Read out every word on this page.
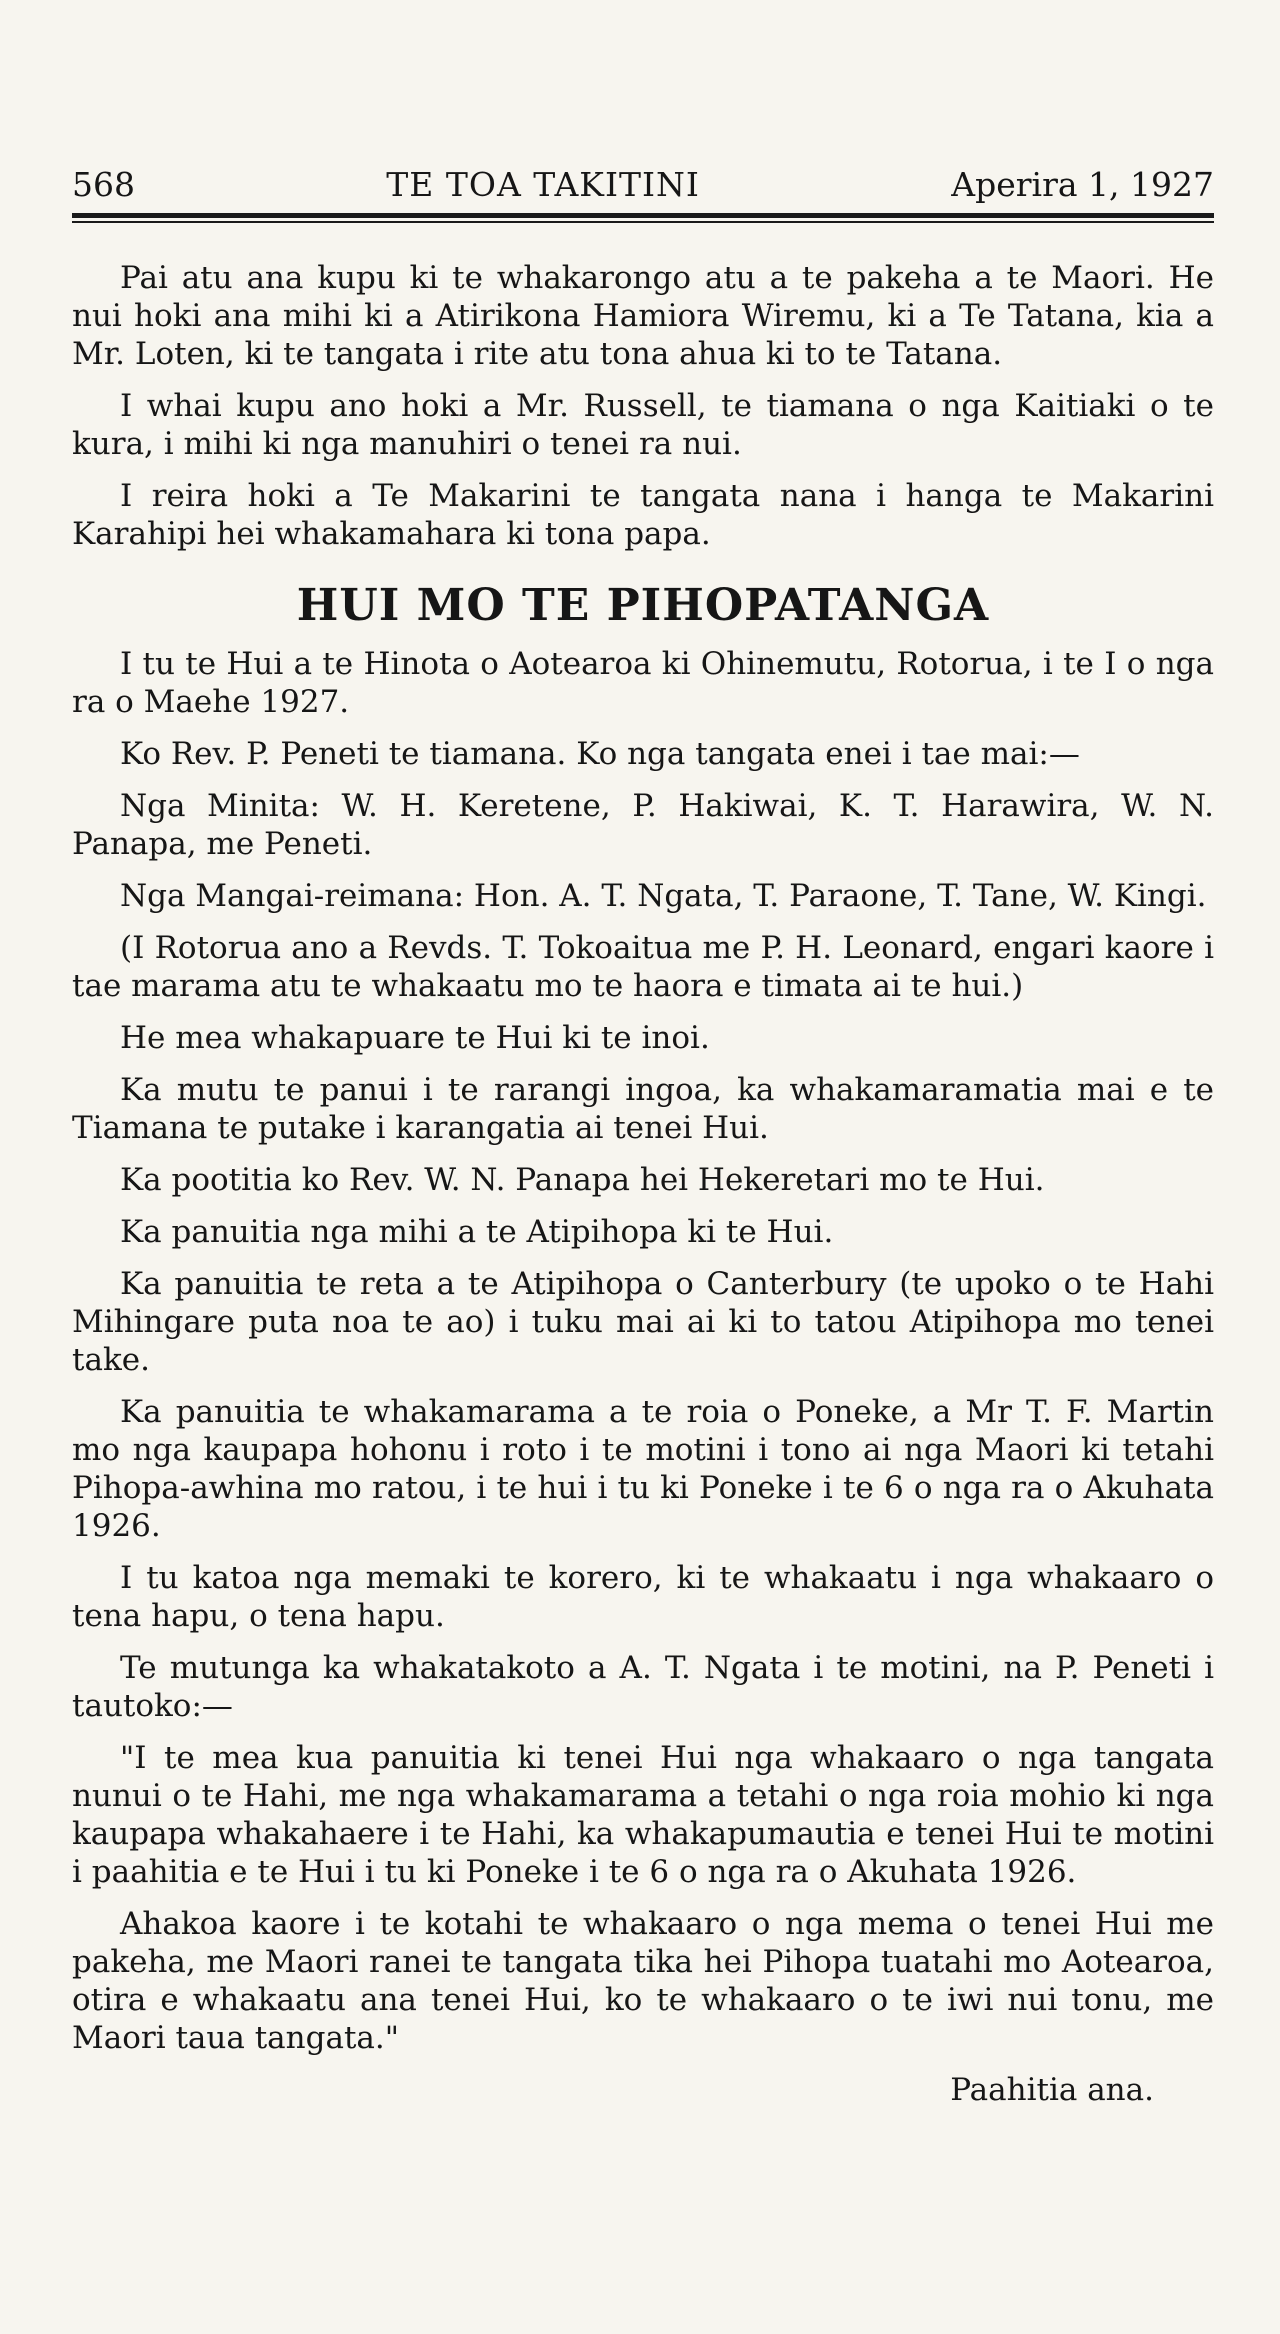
568	TE TOA TAKITINI	Aperira 1, 1927

Pai atu ana kupu ki te whakarongo atu a te pakeha a te Maori. He nui hoki ana mihi ki a Atirikona Hamiora Wiremu, ki a Te Tatana, kia a Mr. Loten, ki te tangata i rite atu tona ahua ki to te Tatana.

I whai kupu ano hoki a Mr. Russell, te tiamana o nga Kaitiaki o te kura, i mihi ki nga manuhiri o tenei ra nui.

I reira hoki a Te Makarini te tangata nana i hanga te Makarini Karahipi hei whakamahara ki tona papa.

HUI MO TE PIHOPATANGA

I tu te Hui a te Hinota o Aotearoa ki Ohinemutu, Rotorua, i te I o nga ra o Maehe 1927.

Ko Rev. P. Peneti te tiamana. Ko nga tangata enei i tae mai:—

Nga Minita: W. H. Keretene, P. Hakiwai, K. T. Harawira, W. N. Panapa, me Peneti.

Nga Mangai-reimana: Hon. A. T. Ngata, T. Paraone, T. Tane, W. Kingi.

(I Rotorua ano a Revds. T. Tokoaitua me P. H. Leonard, engari kaore i tae marama atu te whakaatu mo te haora e timata ai te hui.)

He mea whakapuare te Hui ki te inoi.

Ka mutu te panui i te rarangi ingoa, ka whakamaramatia mai e te Tiamana te putake i karangatia ai tenei Hui.

Ka pootitia ko Rev. W. N. Panapa hei Hekeretari mo te Hui.

Ka panuitia nga mihi a te Atipihopa ki te Hui.

Ka panuitia te reta a te Atipihopa o Canterbury (te upoko o te Hahi Mihingare puta noa te ao) i tuku mai ai ki to tatou Atipihopa mo tenei take.

Ka panuitia te whakamarama a te roia o Poneke, a Mr T. F. Martin mo nga kaupapa hohonu i roto i te motini i tono ai nga Maori ki tetahi Pihopa-awhina mo ratou, i te hui i tu ki Poneke i te 6 o nga ra o Akuhata 1926.

I tu katoa nga memaki te korero, ki te whakaatu i nga whakaaro o tena hapu, o tena hapu.

Te mutunga ka whakatakoto a A. T. Ngata i te motini, na P. Peneti i tautoko:—

"I te mea kua panuitia ki tenei Hui nga whakaaro o nga tangata nunui o te Hahi, me nga whakamarama a tetahi o nga roia mohio ki nga kaupapa whakahaere i te Hahi, ka whakapumautia e tenei Hui te motini i paahitia e te Hui i tu ki Poneke i te 6 o nga ra o Akuhata 1926.

Ahakoa kaore i te kotahi te whakaaro o nga mema o tenei Hui me pakeha, me Maori ranei te tangata tika hei Pihopa tuatahi mo Aotearoa, otira e whakaatu ana tenei Hui, ko te whakaaro o te iwi nui tonu, me Maori taua tangata."

Paahitia ana.
